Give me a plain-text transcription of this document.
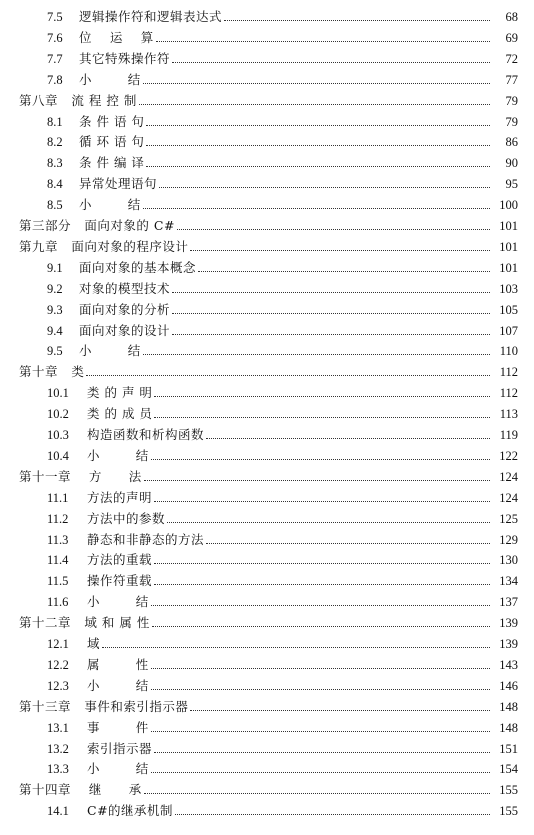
7.5	逻辑操作符和逻辑表达式	68
7.6	位    运    算	69
7.7	其它特殊操作符	72
7.8	小        结	77
第八章   流 程 控 制	79
8.1	条 件 语 句	79
8.2	循 环 语 句	86
8.3	条 件 编 译	90
8.4	异常处理语句	95
8.5	小        结	100
第三部分   面向对象的 C#	101
第九章   面向对象的程序设计	101
9.1	面向对象的基本概念	101
9.2	对象的模型技术	103
9.3	面向对象的分析	105
9.4	面向对象的设计	107
9.5	小        结	110
第十章   类	112
10.1	类 的 声 明	112
10.2	类 的 成 员	113
10.3	构造函数和析构函数	119
10.4	小        结	122
第十一章    方      法	124
11.1	方法的声明	124
11.2	方法中的参数	125
11.3	静态和非静态的方法	129
11.4	方法的重载	130
11.5	操作符重载	134
11.6	小        结	137
第十二章   域 和 属 性	139
12.1	域	139
12.2	属        性	143
12.3	小        结	146
第十三章   事件和索引指示器	148
13.1	事        件	148
13.2	索引指示器	151
13.3	小        结	154
第十四章    继      承	155
14.1	C#的继承机制	155
